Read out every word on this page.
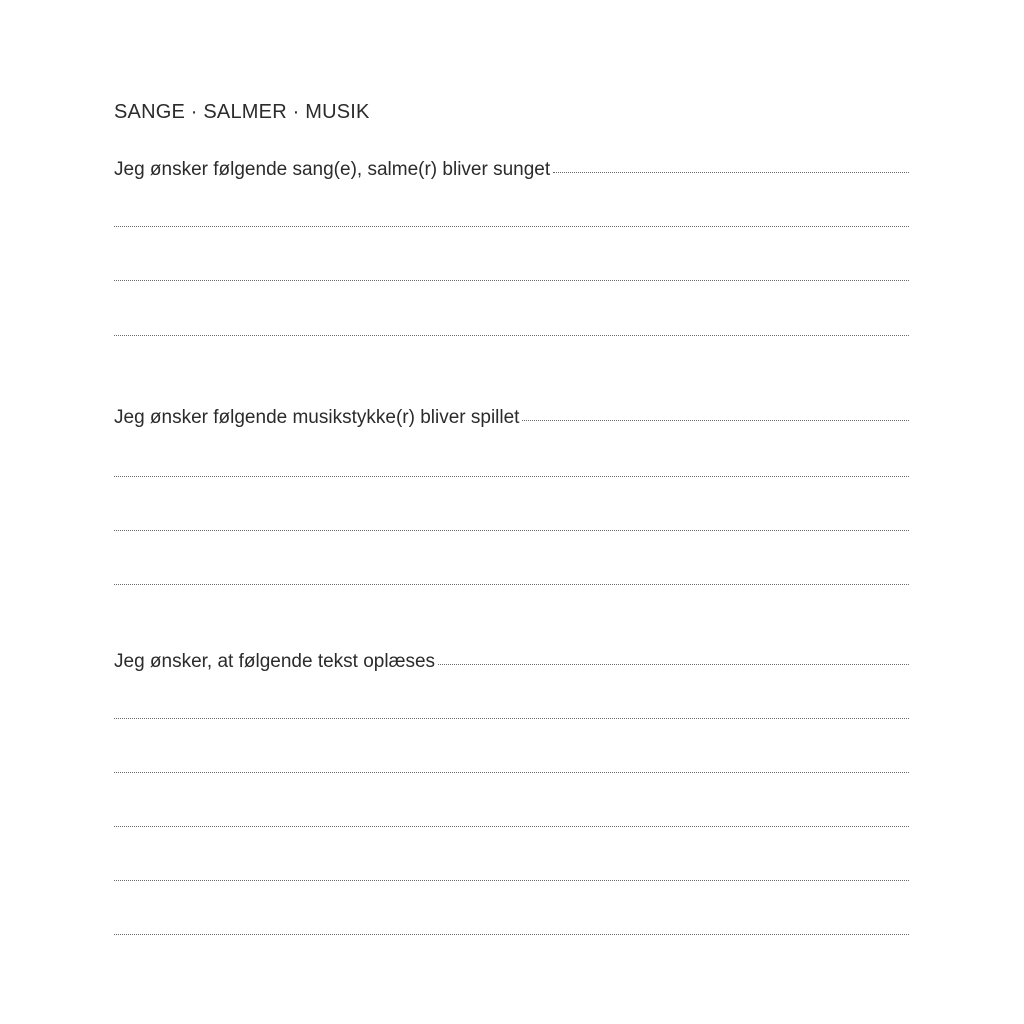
SANGE · SALMER · MUSIK
Jeg ønsker følgende sang(e), salme(r) bliver sunget
Jeg ønsker følgende musikstykke(r) bliver spillet
Jeg ønsker, at følgende tekst oplæses
